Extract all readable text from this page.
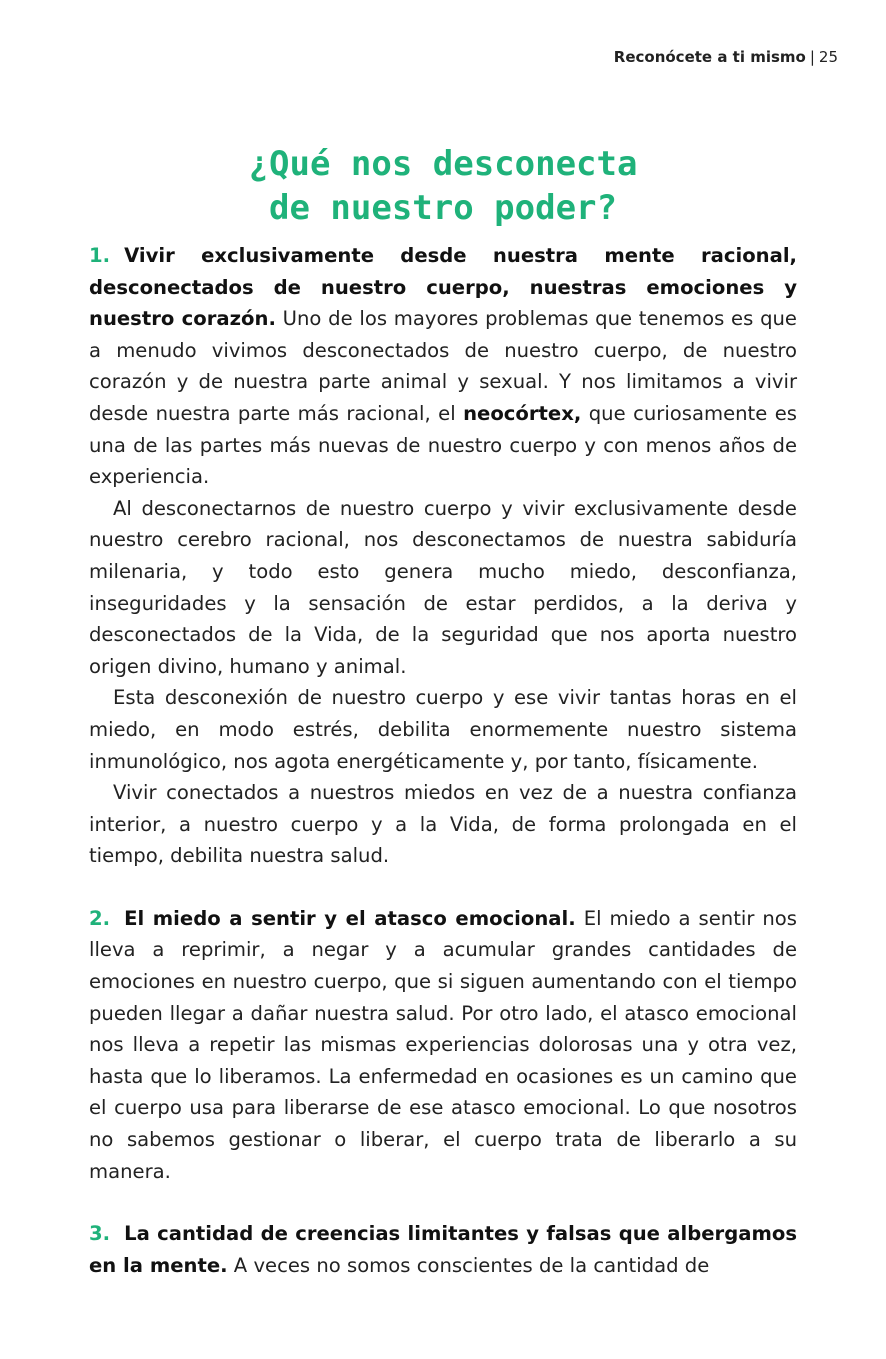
Reconócete a ti mismo | 25
¿Qué nos desconecta
de nuestro poder?

1. Vivir exclusivamente desde nuestra mente racional, desconectados de nuestro cuerpo, nuestras emociones y nuestro corazón. Uno de los mayores problemas que tenemos es que a menudo vivimos desconectados de nuestro cuerpo, de nuestro corazón y de nuestra parte animal y sexual. Y nos limitamos a vivir desde nuestra parte más racional, el neocórtex, que curiosamente es una de las partes más nuevas de nuestro cuerpo y con menos años de experiencia.

Al desconectarnos de nuestro cuerpo y vivir exclusivamente desde nuestro cerebro racional, nos desconectamos de nuestra sabiduría milenaria, y todo esto genera mucho miedo, desconfianza, inseguridades y la sensación de estar perdidos, a la deriva y desconectados de la Vida, de la seguridad que nos aporta nuestro origen divino, humano y animal.

Esta desconexión de nuestro cuerpo y ese vivir tantas horas en el miedo, en modo estrés, debilita enormemente nuestro sistema inmunológico, nos agota energéticamente y, por tanto, físicamente.

Vivir conectados a nuestros miedos en vez de a nuestra confianza interior, a nuestro cuerpo y a la Vida, de forma prolongada en el tiempo, debilita nuestra salud.

2. El miedo a sentir y el atasco emocional. El miedo a sentir nos lleva a reprimir, a negar y a acumular grandes cantidades de emociones en nuestro cuerpo, que si siguen aumentando con el tiempo pueden llegar a dañar nuestra salud. Por otro lado, el atasco emocional nos lleva a repetir las mismas experiencias dolorosas una y otra vez, hasta que lo liberamos. La enfermedad en ocasiones es un camino que el cuerpo usa para liberarse de ese atasco emocional. Lo que nosotros no sabemos gestionar o liberar, el cuerpo trata de liberarlo a su manera.

3. La cantidad de creencias limitantes y falsas que albergamos en la mente. A veces no somos conscientes de la cantidad de
